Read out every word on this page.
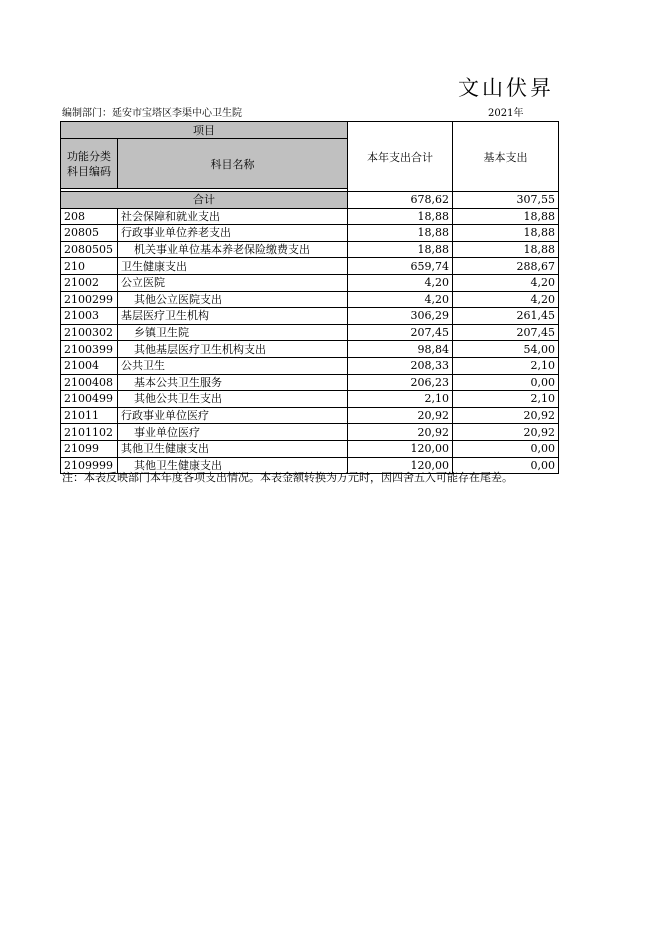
文山伏昇
编制部门：延安市宝塔区李渠中心卫生院	2021年
项目		本年支出合计	基本支出
功能分类
科目编码	科目名称		

合计		678,62	307,55
208	社会保障和就业支出	18,88	18,88
20805	行政事业单位养老支出	18,88	18,88
2080505	机关事业单位基本养老保险缴费支出	18,88	18,88
210	卫生健康支出	659,74	288,67
21002	公立医院	4,20	4,20
2100299	其他公立医院支出	4,20	4,20
21003	基层医疗卫生机构	306,29	261,45
2100302	乡镇卫生院	207,45	207,45
2100399	其他基层医疗卫生机构支出	98,84	54,00
21004	公共卫生	208,33	2,10
2100408	基本公共卫生服务	206,23	0,00
2100499	其他公共卫生支出	2,10	2,10
21011	行政事业单位医疗	20,92	20,92
2101102	事业单位医疗	20,92	20,92
21099	其他卫生健康支出	120,00	0,00
2109999	其他卫生健康支出	120,00	0,00
注：本表反映部门本年度各项支出情况。本表金额转换为万元时，因四舍五入可能存在尾差。
